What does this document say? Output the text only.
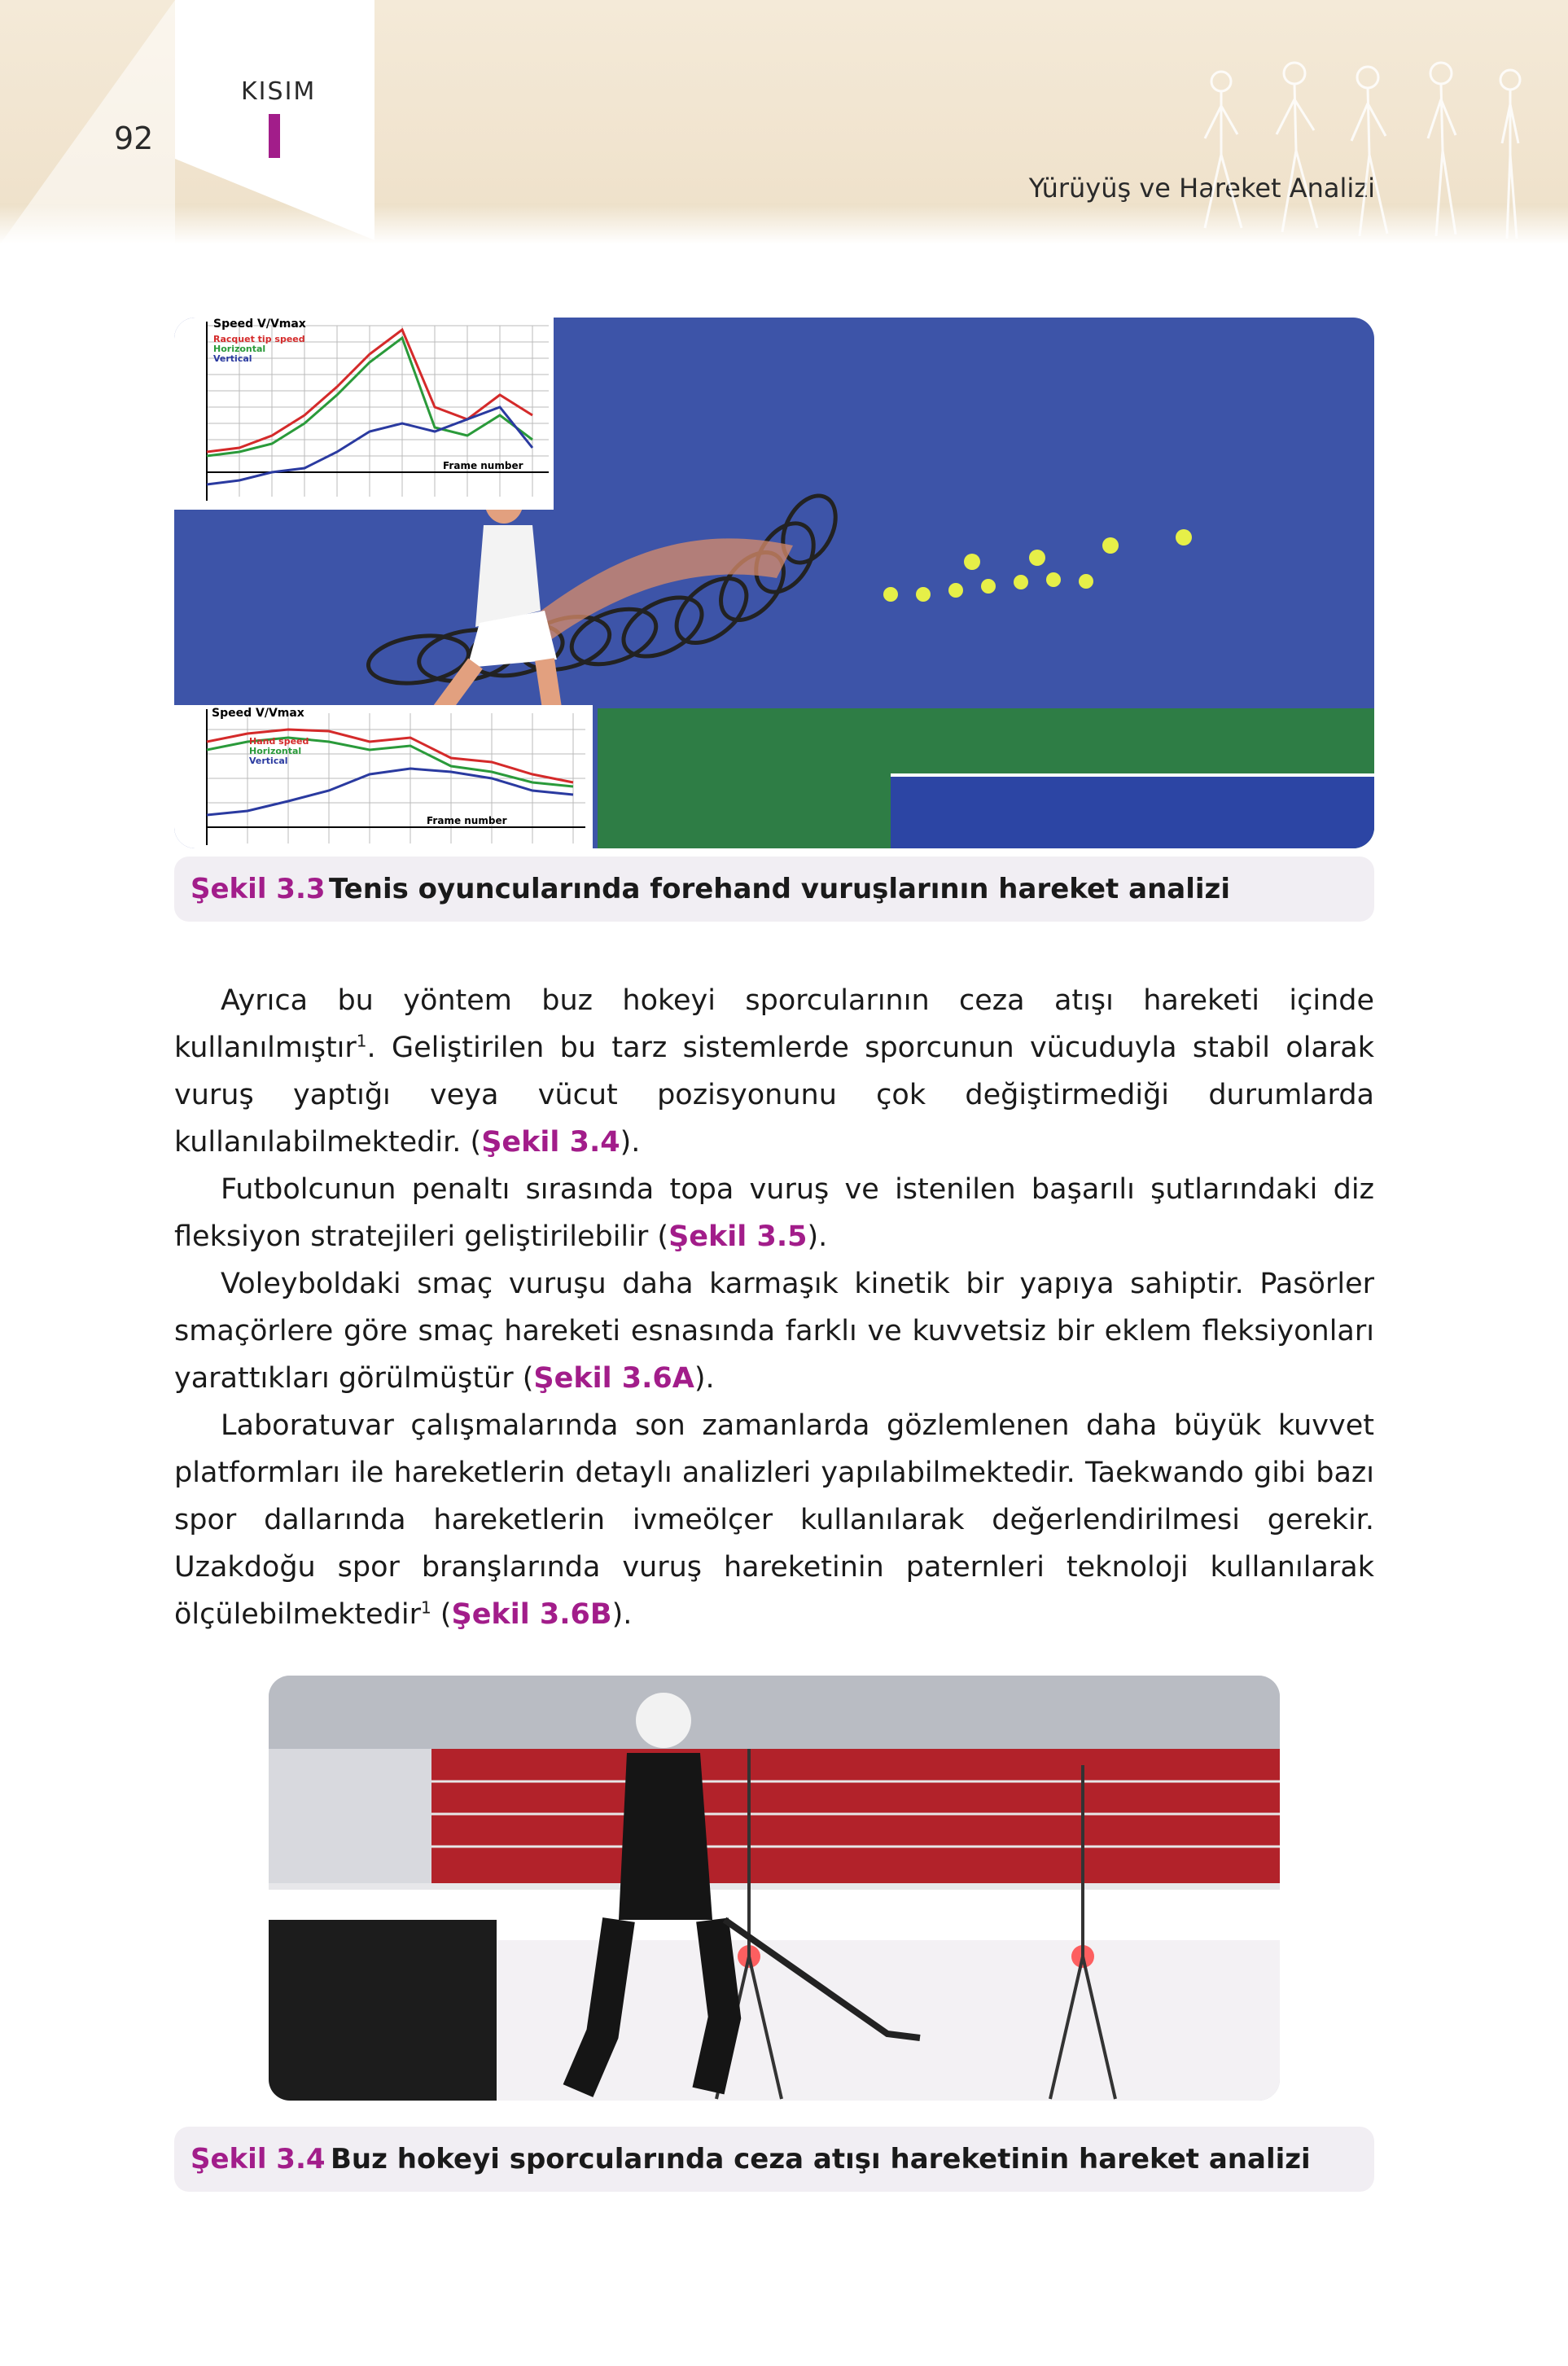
92
KISIM
Yürüyüş ve Hareket Analizi
Speed V/Vmax
Racquet tip speed
Horizontal
Vertical
Frame number
Speed V/Vmax
Hand speed
Horizontal
Vertical
Frame number
Şekil 3.3 Tenis oyuncularında forehand vuruşlarının hareket analizi

Ayrıca bu yöntem buz hokeyi sporcularının ceza atışı hareketi içinde kullanılmıştır$^1$. Geliştirilen bu tarz sistemlerde sporcunun vücuduyla stabil olarak vuruş yaptığı veya vücut pozisyonunu çok değiştirmediği durumlarda kullanılabilmektedir. (Şekil 3.4).

Futbolcunun penaltı sırasında topa vuruş ve istenilen başarılı şutlarındaki diz fleksiyon stratejileri geliştirilebilir (Şekil 3.5).

Voleyboldaki smaç vuruşu daha karmaşık kinetik bir yapıya sahiptir. Pasörler smaçörlere göre smaç hareketi esnasında farklı ve kuvvetsiz bir eklem fleksiyonları yarattıkları görülmüştür (Şekil 3.6A).

Laboratuvar çalışmalarında son zamanlarda gözlemlenen daha büyük kuvvet platformları ile hareketlerin detaylı analizleri yapılabilmektedir. Taekwando gibi bazı spor dallarında hareketlerin ivmeölçer kullanılarak değerlendirilmesi gerekir. Uzakdoğu spor branşlarında vuruş hareketinin paternleri teknoloji kullanılarak ölçülebilmektedir$^1$ (Şekil 3.6B).

Şekil 3.4 Buz hokeyi sporcularında ceza atışı hareketinin hareket analizi
